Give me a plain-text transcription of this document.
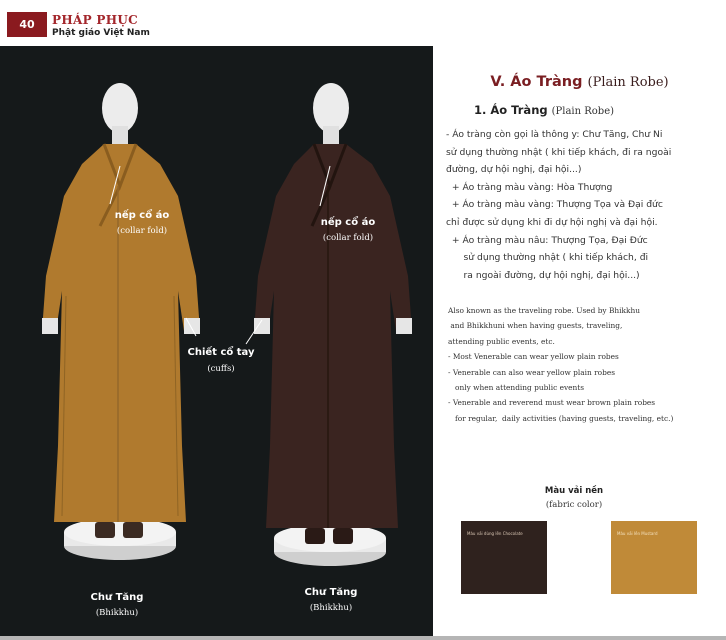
40	PHÁP PHỤC
Phật giáo Việt Nam
nếp cổ áo
(collar fold)
nếp cổ áo
(collar fold)
Chiết cổ tay
(cuffs)
Chư Tăng
(Bhikkhu)
Chư Tăng
(Bhikkhu)
V. Áo Tràng (Plain Robe)
1. Áo Tràng (Plain Robe)
- Áo tràng còn gọi là thông y: Chư Tăng, Chư Ni
sử dụng thường nhật ( khi tiếp khách, đi ra ngoài
đường, dự hội nghị, đại hội...)
+ Áo tràng màu vàng: Hòa Thượng
+ Áo tràng màu vàng: Thượng Tọa và Đại đức
chỉ được sử dụng khi đi dự hội nghị và đại hội.
+ Áo tràng màu nâu: Thượng Tọa, Đại Đức
sử dụng thường nhật ( khi tiếp khách, đi
ra ngoài đường, dự hội nghị, đại hội...)
Also known as the traveling robe. Used by Bhikkhu
and Bhikkhuni when having guests, traveling,
attending public events, etc.
- Most Venerable can wear yellow plain robes
- Venerable can also wear yellow plain robes
only when attending public events
- Venerable and reverend must wear brown plain robes
for regular,  daily activities (having guests, traveling, etc.)
Màu vải nền
(fabric color)
Màu vải dùng lên Chocolate	Màu vải lên Mustard
